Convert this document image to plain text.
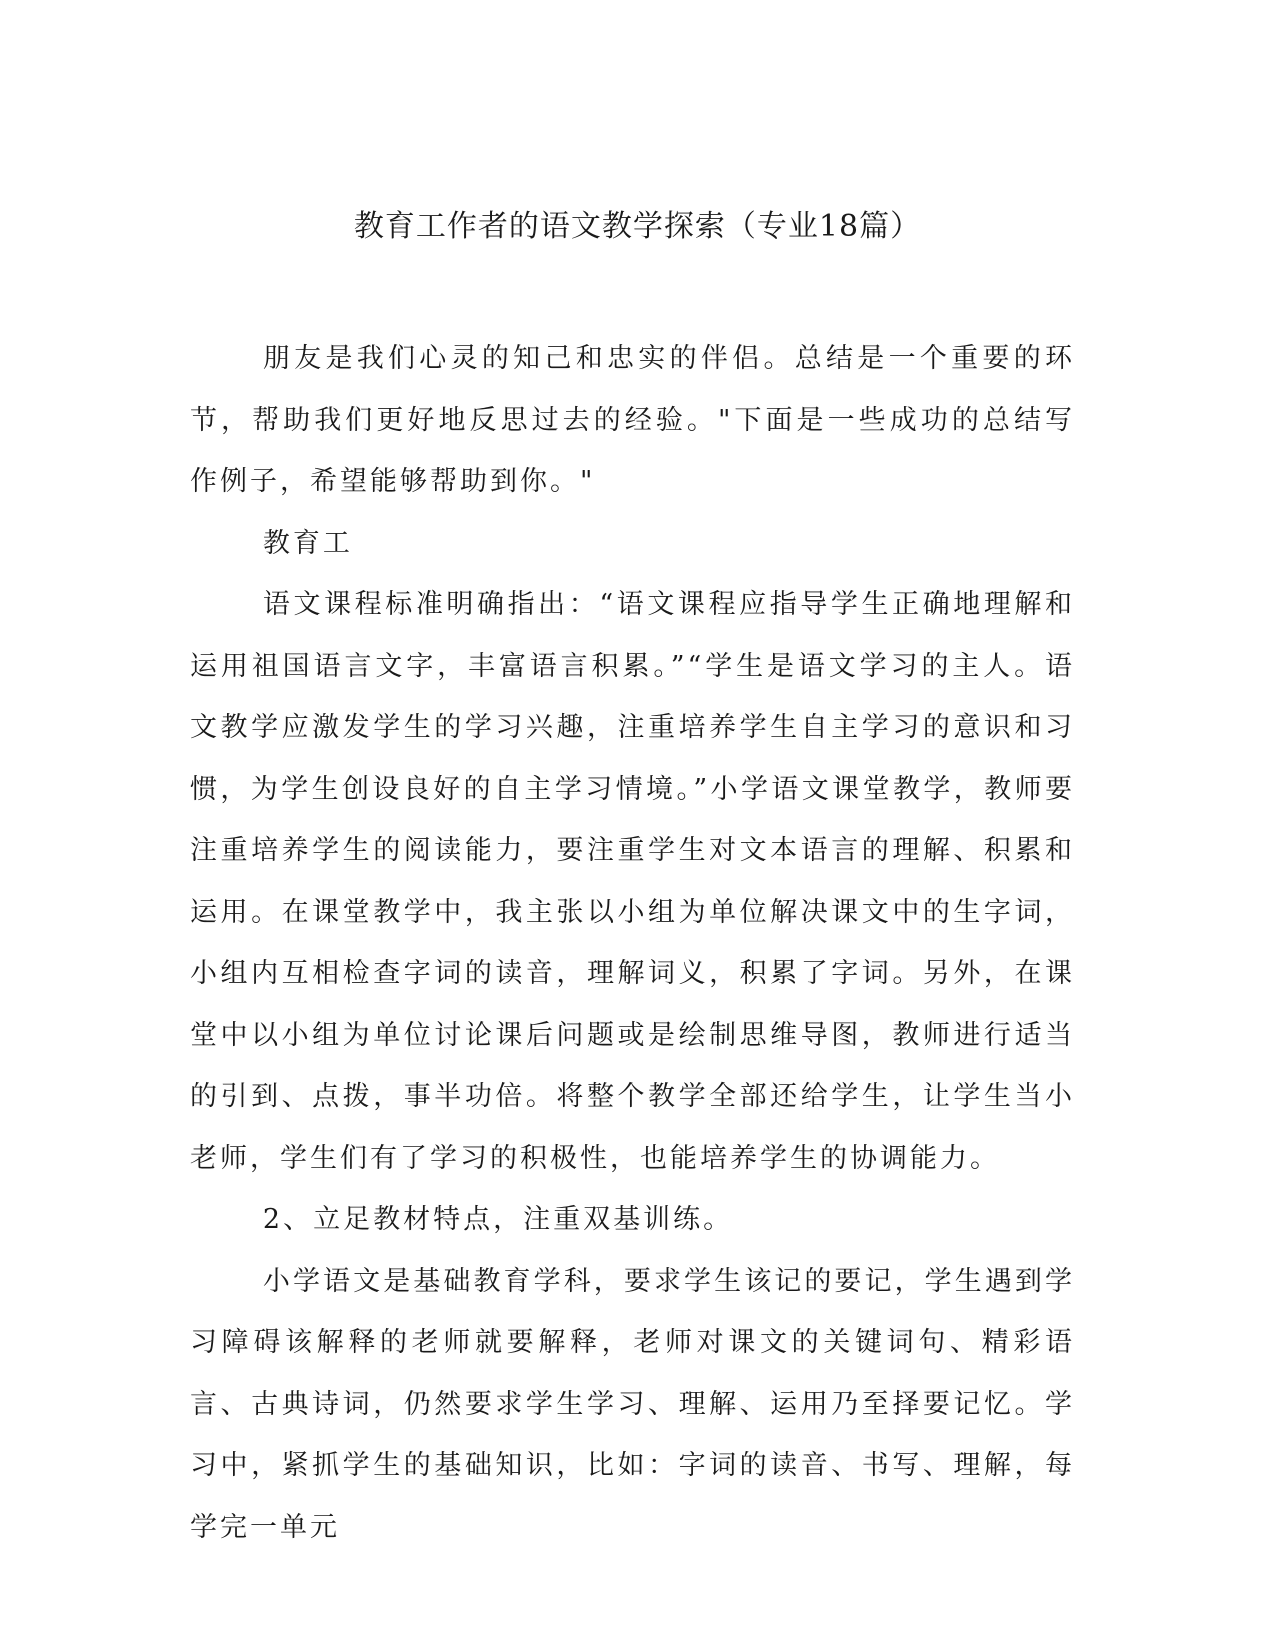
教育工作者的语文教学探索（专业18篇）

朋友是我们心灵的知己和忠实的伴侣。总结是一个重要的环节，帮助我们更好地反思过去的经验。"下面是一些成功的总结写作例子，希望能够帮助到你。"

教育工

语文课程标准明确指出：“语文课程应指导学生正确地理解和运用祖国语言文字，丰富语言积累。”“学生是语文学习的主人。语文教学应激发学生的学习兴趣，注重培养学生自主学习的意识和习惯，为学生创设良好的自主学习情境。”小学语文课堂教学，教师要注重培养学生的阅读能力，要注重学生对文本语言的理解、积累和运用。在课堂教学中，我主张以小组为单位解决课文中的生字词，小组内互相检查字词的读音，理解词义，积累了字词。另外，在课堂中以小组为单位讨论课后问题或是绘制思维导图，教师进行适当的引到、点拨，事半功倍。将整个教学全部还给学生，让学生当小老师，学生们有了学习的积极性，也能培养学生的协调能力。

2、立足教材特点，注重双基训练。

小学语文是基础教育学科，要求学生该记的要记，学生遇到学习障碍该解释的老师就要解释，老师对课文的关键词句、精彩语言、古典诗词，仍然要求学生学习、理解、运用乃至择要记忆。学习中，紧抓学生的基础知识，比如：字词的读音、书写、理解，每学完一单元
